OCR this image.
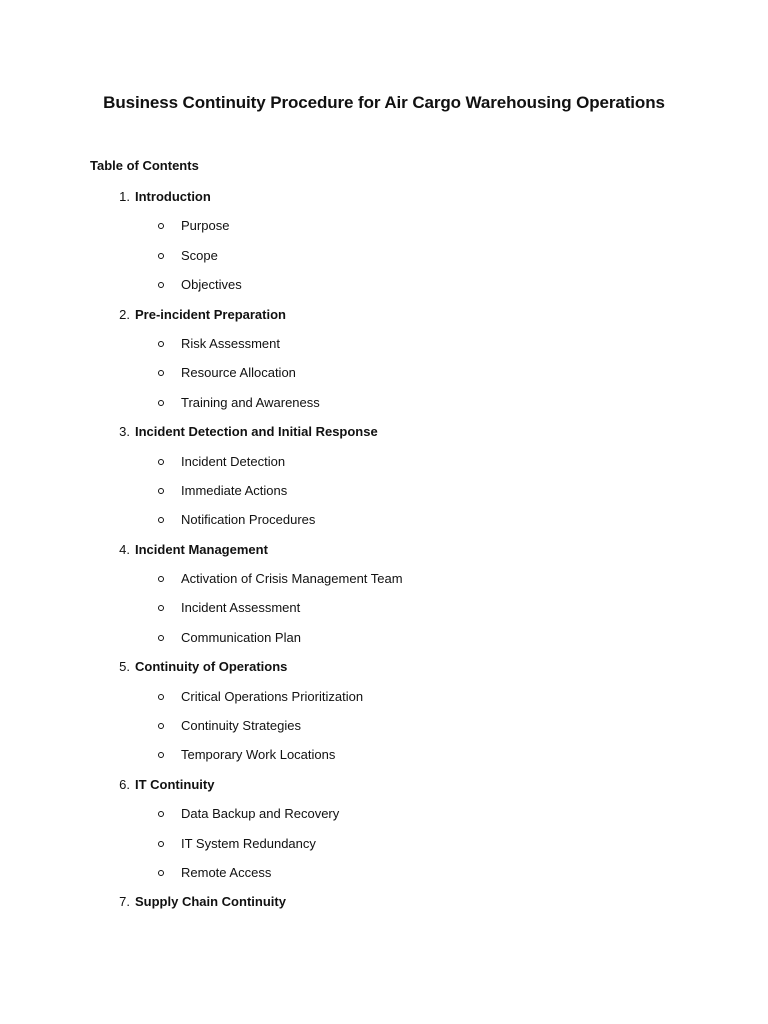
Business Continuity Procedure for Air Cargo Warehousing Operations
Table of Contents
1. Introduction
Purpose
Scope
Objectives
2. Pre-incident Preparation
Risk Assessment
Resource Allocation
Training and Awareness
3. Incident Detection and Initial Response
Incident Detection
Immediate Actions
Notification Procedures
4. Incident Management
Activation of Crisis Management Team
Incident Assessment
Communication Plan
5. Continuity of Operations
Critical Operations Prioritization
Continuity Strategies
Temporary Work Locations
6. IT Continuity
Data Backup and Recovery
IT System Redundancy
Remote Access
7. Supply Chain Continuity
